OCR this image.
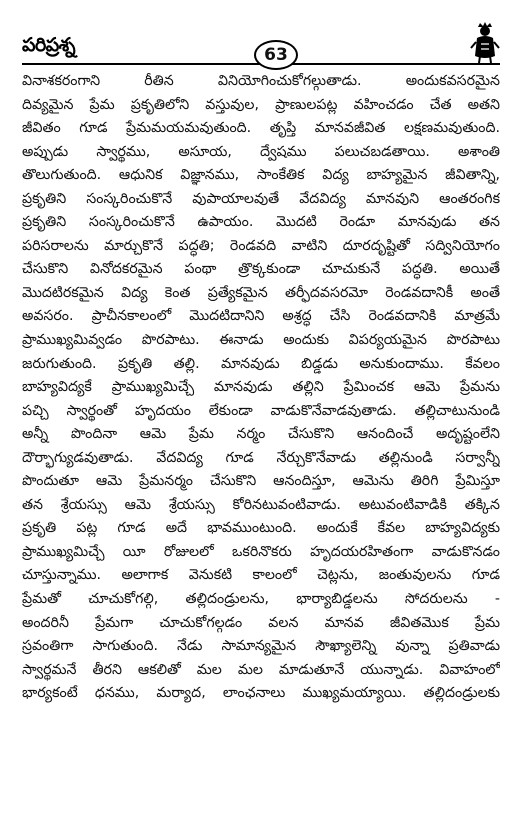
పరిప్రశ్న	63
వినాశకరంగాని రీతిన వినియోగించుకోగల్గుతాడు. అందుకవసరమైన
దివ్యమైన ప్రేమ ప్రకృతిలోని వస్తువుల, ప్రాణులపట్ల వహించడం చేత అతని
జీవితం గూడ ప్రేమమయమవుతుంది. తృప్తి మానవజీవిత లక్షణమవుతుంది.
అప్పుడు స్వార్థము, అసూయ, ద్వేషము పలుచబడతాయి. అశాంతి
తొలుగుతుంది. ఆధునిక విజ్ఞానము, సాంకేతిక విద్య బాహ్యమైన జీవితాన్ని,
ప్రకృతిని సంస్కరించుకొనే వుపాయాలవుతే వేదవిద్య మానవుని ఆంతరంగిక
ప్రకృతిని సంస్కరించుకొనే ఉపాయం. మొదటి రెండూ మానవుడు తన
పరిసరాలను మార్చుకొనే పద్ధతి; రెండవది వాటిని దూరదృష్టితో సద్వినియోగం
చేసుకొని వినోదకరమైన పంథా త్రొక్కకుండా చూచుకునే పద్ధతి. అయితే
మొదటిరకమైన విద్య కెంత ప్రత్యేకమైన తర్ఫీదవసరమో రెండవదానికీ అంతే
అవసరం. ప్రాచీనకాలంలో మొదటిదానిని అశ్రద్ధ చేసి రెండవదానికి మాత్రమే
ప్రాముఖ్యమివ్వడం పొరపాటు. ఈనాడు అందుకు విపర్యయమైన పొరపాటు
జరుగుతుంది. ప్రకృతి తల్లి. మానవుడు బిడ్డడు అనుకుందాము. కేవలం
బాహ్యవిద్యకే ప్రాముఖ్యమిచ్చే మానవుడు తల్లిని ప్రేమించక ఆమె ప్రేమను
పచ్చి స్వార్థంతో హృదయం లేకుండా వాడుకొనేవాడవుతాడు. తల్లిచాటునుండి
అన్నీ పొందినా ఆమె ప్రేమ నర్మం చేసుకొని ఆనందించే అదృష్టంలేని
దౌర్భాగ్యుడవుతాడు. వేదవిద్య గూడ నేర్చుకొనేవాడు తల్లినుండి సర్వాన్నీ
పొందుతూ ఆమె ప్రేమనర్మం చేసుకొని ఆనందిస్తూ, ఆమెను తిరిగి ప్రేమిస్తూ
తన శ్రేయస్సు ఆమె శ్రేయస్సు కోరినటువంటివాడు. అటువంటివాడికి తక్కిన
ప్రకృతి పట్ల గూడ అదే భావముంటుంది. అందుకే కేవల బాహ్యవిద్యకు
ప్రాముఖ్యమిచ్చే యీ రోజులలో ఒకరినొకరు హృదయరహితంగా వాడుకొనడం
చూస్తున్నాము. అలాగాక వెనుకటి కాలంలో చెట్లను, జంతువులను గూడ
ప్రేమతో చూచుకోగల్గి, తల్లిదండ్రులను, భార్యాబిడ్డలను సోదరులను -
అందరినీ ప్రేమగా చూచుకోగల్గడం వలన మానవ జీవితమొక ప్రేమ
స్రవంతిగా సాగుతుంది. నేడు సామాన్యమైన సౌఖ్యాలెన్ని వున్నా ప్రతివాడు
స్వార్థమనే తీరని ఆకలితో మల మల మాడుతూనే యున్నాడు. వివాహంలో
భార్యకంటే ధనము, మర్యాద, లాంఛనాలు ముఖ్యమయ్యాయి. తల్లిదండ్రులకు
